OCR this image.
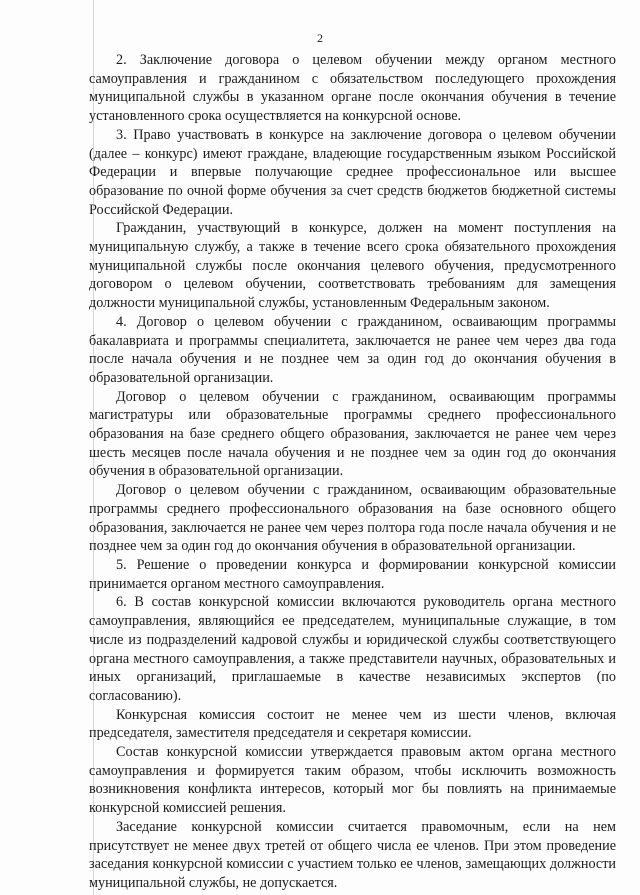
2

2. Заключение договора о целевом обучении между органом местного самоуправления и гражданином с обязательством последующего прохождения муниципальной службы в указанном органе после окончания обучения в течение установленного срока осуществляется на конкурсной основе.

3. Право участвовать в конкурсе на заключение договора о целевом обучении (далее – конкурс) имеют граждане, владеющие государственным языком Российской Федерации и впервые получающие среднее профессиональное или высшее образование по очной форме обучения за счет средств бюджетов бюджетной системы Российской Федерации.

Гражданин, участвующий в конкурсе, должен на момент поступления на муниципальную службу, а также в течение всего срока обязательного прохождения муниципальной службы после окончания целевого обучения, предусмотренного договором о целевом обучении, соответствовать требованиям для замещения должности муниципальной службы, установленным Федеральным законом.

4. Договор о целевом обучении с гражданином, осваивающим программы бакалавриата и программы специалитета, заключается не ранее чем через два года после начала обучения и не позднее чем за один год до окончания обучения в образовательной организации.

Договор о целевом обучении с гражданином, осваивающим программы магистратуры или образовательные программы среднего профессионального образования на базе среднего общего образования, заключается не ранее чем через шесть месяцев после начала обучения и не позднее чем за один год до окончания обучения в образовательной организации.

Договор о целевом обучении с гражданином, осваивающим образовательные программы среднего профессионального образования на базе основного общего образования, заключается не ранее чем через полтора года после начала обучения и не позднее чем за один год до окончания обучения в образовательной организации.

5. Решение о проведении конкурса и формировании конкурсной комиссии принимается органом местного самоуправления.

6. В состав конкурсной комиссии включаются руководитель органа местного самоуправления, являющийся ее председателем, муниципальные служащие, в том числе из подразделений кадровой службы и юридической службы соответствующего органа местного самоуправления, а также представители научных, образовательных и иных организаций, приглашаемые в качестве независимых экспертов (по согласованию).

Конкурсная комиссия состоит не менее чем из шести членов, включая председателя, заместителя председателя и секретаря комиссии.

Состав конкурсной комиссии утверждается правовым актом органа местного самоуправления и формируется таким образом, чтобы исключить возможность возникновения конфликта интересов, который мог бы повлиять на принимаемые конкурсной комиссией решения.

Заседание конкурсной комиссии считается правомочным, если на нем присутствует не менее двух третей от общего числа ее членов. При этом проведение заседания конкурсной комиссии с участием только ее членов, замещающих должности муниципальной службы, не допускается.
